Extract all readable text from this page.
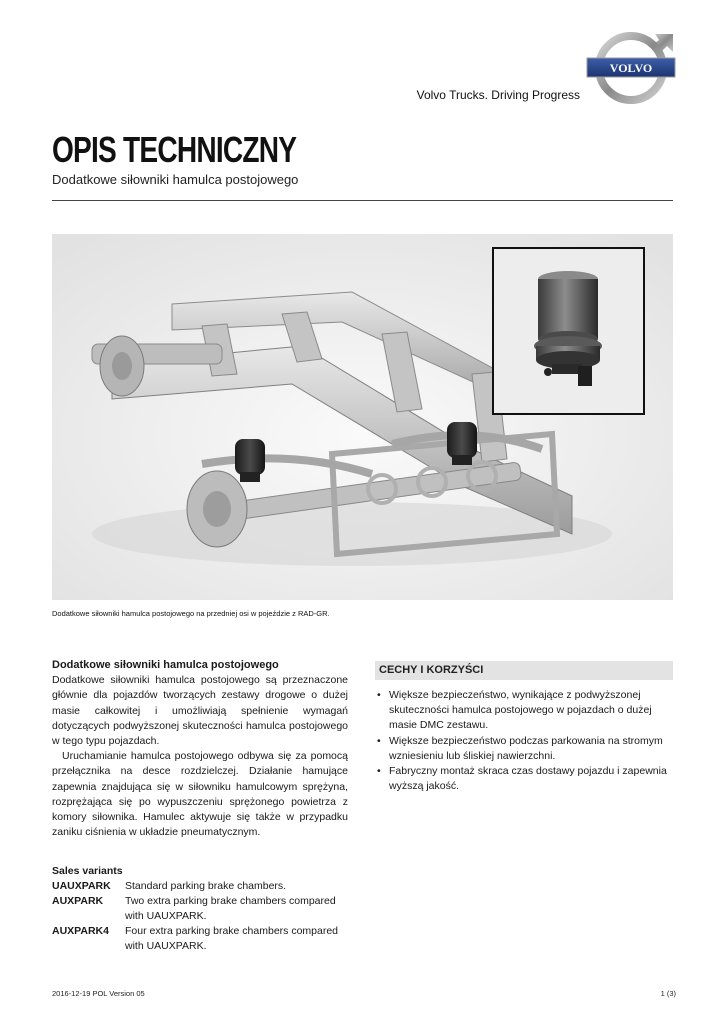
VOLVO
Volvo Trucks. Driving Progress
OPIS TECHNICZNY
Dodatkowe siłowniki hamulca postojowego
Dodatkowe siłowniki hamulca postojowego na przedniej osi w pojeździe z RAD-GR.
Dodatkowe siłowniki hamulca postojowego

Dodatkowe siłowniki hamulca postojowego są przeznaczone głównie dla pojazdów tworzących zestawy drogowe o dużej masie całkowitej i umożliwiają spełnienie wymagań dotyczących podwyższonej skuteczności hamulca postojowego w tego typu pojazdach.

Uruchamianie hamulca postojowego odbywa się za pomocą przełącznika na desce rozdzielczej. Działanie hamujące zapewnia znajdująca się w siłowniku hamulcowym sprężyna, rozprężająca się po wypuszczeniu sprężonego powietrza z komory siłownika. Hamulec aktywuje się także w przypadku zaniku ciśnienia w układzie pneumatycznym.

CECHY I KORZYŚCI
• Większe bezpieczeństwo, wynikające z podwyższonej skuteczności hamulca postojowego w pojazdach o dużej masie DMC zestawu.
• Większe bezpieczeństwo podczas parkowania na stromym wzniesieniu lub śliskiej nawierzchni.
• Fabryczny montaż skraca czas dostawy pojazdu i zapewnia wyższą jakość.
Sales variants
UAUXPARK	Standard parking brake chambers.
AUXPARK	Two extra parking brake chambers compared with UAUXPARK.
AUXPARK4	Four extra parking brake chambers compared with UAUXPARK.
2016-12-19 POL Version 05	1 (3)
